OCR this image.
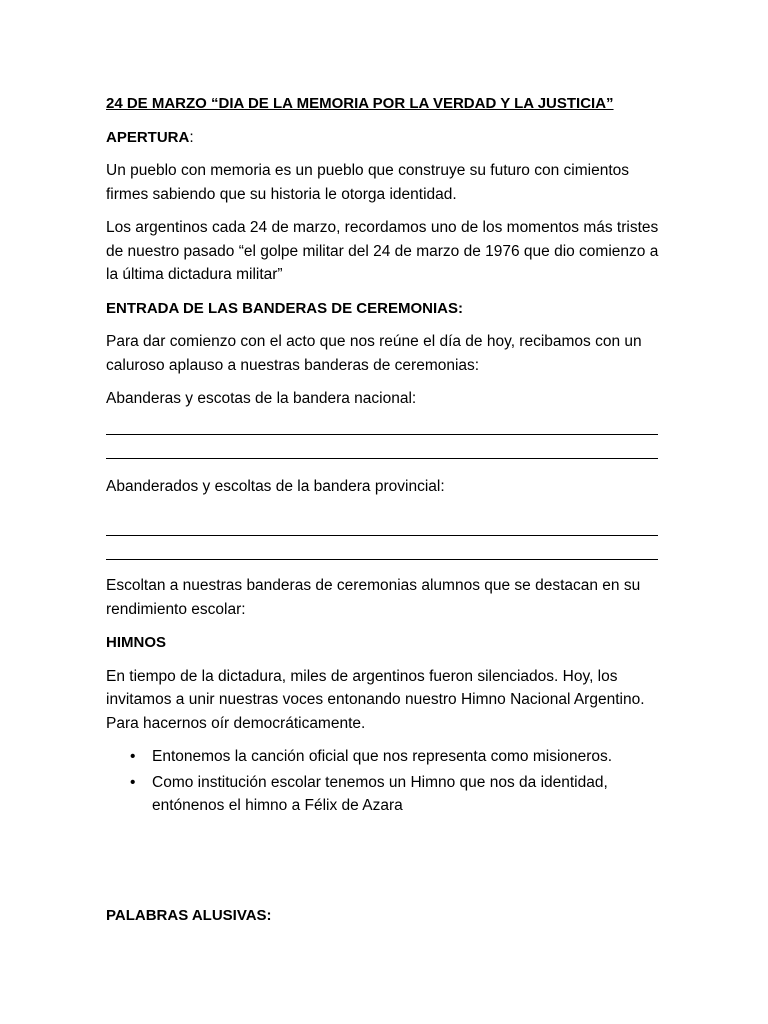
24 DE MARZO “DIA DE LA MEMORIA POR LA VERDAD Y LA JUSTICIA”

APERTURA:

Un pueblo con memoria es un pueblo que construye su futuro con cimientos firmes sabiendo que su historia le otorga identidad.

Los argentinos cada 24 de marzo, recordamos uno de los momentos más tristes de nuestro pasado “el golpe militar del 24 de marzo de 1976 que dio comienzo a la última dictadura militar”

ENTRADA DE LAS BANDERAS DE CEREMONIAS:

Para dar comienzo con el acto que nos reúne el día de hoy, recibamos con un caluroso aplauso a nuestras banderas de ceremonias:

Abanderas y escotas de la bandera nacional:

Abanderados y escoltas de la bandera provincial:

Escoltan a nuestras banderas de ceremonias alumnos que se destacan en su rendimiento escolar:

HIMNOS

En tiempo de la dictadura, miles de argentinos fueron silenciados. Hoy, los invitamos a unir nuestras voces entonando nuestro Himno Nacional Argentino. Para hacernos oír democráticamente.

• Entonemos la canción oficial que nos representa como misioneros.
• Como institución escolar tenemos un Himno que nos da identidad, entónenos el himno a Félix de Azara

PALABRAS ALUSIVAS:
